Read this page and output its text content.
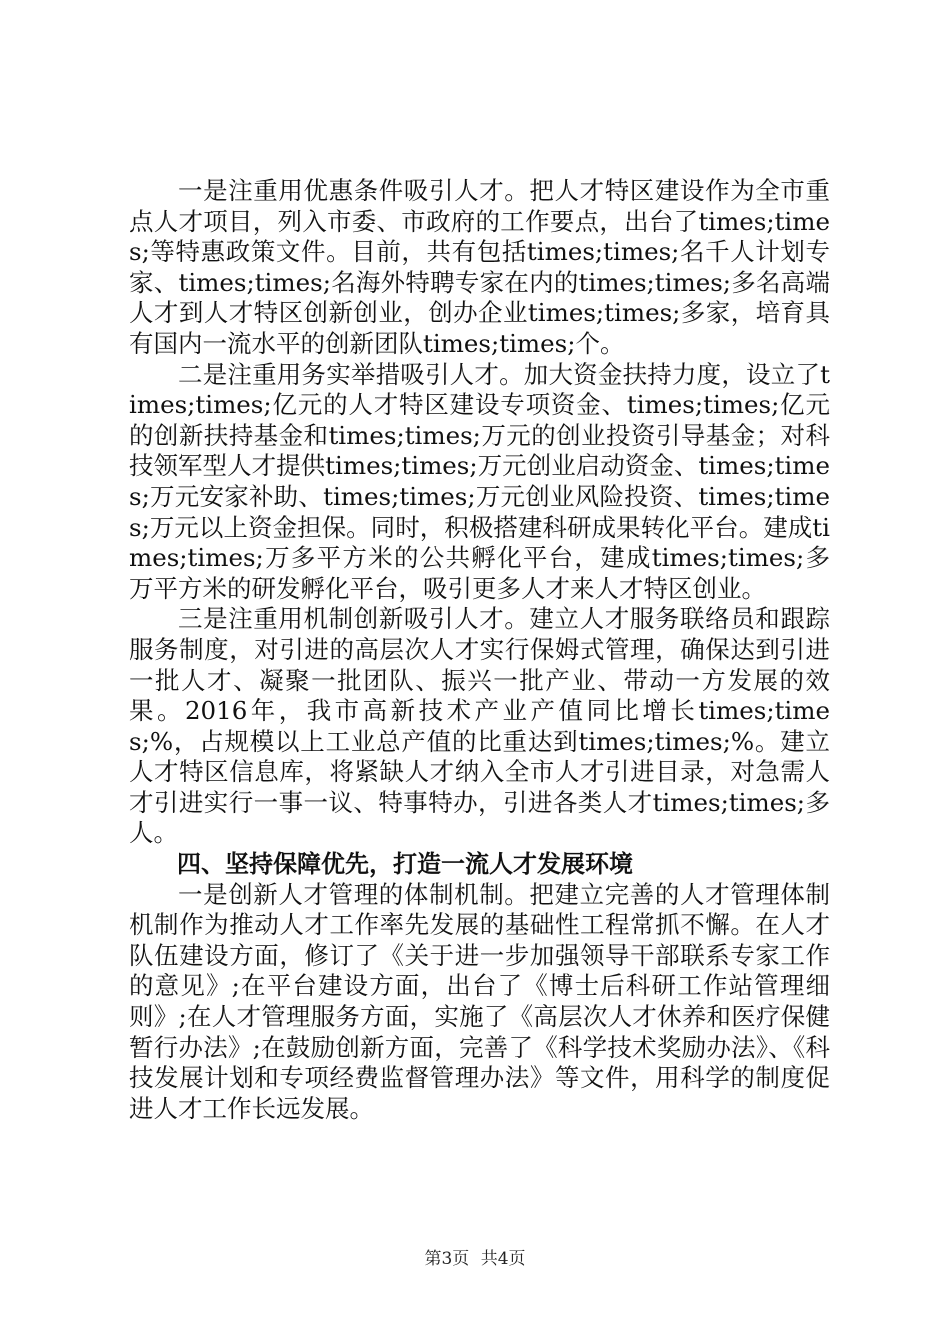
一是注重用优惠条件吸引人才。把人才特区建设作为全市重点人才项目，列入市委、市政府的工作要点，出台了times;times;等特惠政策文件。目前，共有包括times;times;名千人计划专家、times;times;名海外特聘专家在内的times;times;多名高端人才到人才特区创新创业，创办企业times;times;多家，培育具有国内一流水平的创新团队times;times;个。

二是注重用务实举措吸引人才。加大资金扶持力度，设立了times;times;亿元的人才特区建设专项资金、times;times;亿元的创新扶持基金和times;times;万元的创业投资引导基金；对科技领军型人才提供times;times;万元创业启动资金、times;times;万元安家补助、times;times;万元创业风险投资、times;times;万元以上资金担保。同时，积极搭建科研成果转化平台。建成times;times;万多平方米的公共孵化平台，建成times;times;多万平方米的研发孵化平台，吸引更多人才来人才特区创业。

三是注重用机制创新吸引人才。建立人才服务联络员和跟踪服务制度，对引进的高层次人才实行保姆式管理，确保达到引进一批人才、凝聚一批团队、振兴一批产业、带动一方发展的效果。2016年，我市高新技术产业产值同比增长times;times;%，占规模以上工业总产值的比重达到times;times;%。建立人才特区信息库，将紧缺人才纳入全市人才引进目录，对急需人才引进实行一事一议、特事特办，引进各类人才times;times;多人。

四、坚持保障优先，打造一流人才发展环境

一是创新人才管理的体制机制。把建立完善的人才管理体制机制作为推动人才工作率先发展的基础性工程常抓不懈。在人才队伍建设方面，修订了《关于进一步加强领导干部联系专家工作的意见》;在平台建设方面，出台了《博士后科研工作站管理细则》;在人才管理服务方面，实施了《高层次人才休养和医疗保健暂行办法》;在鼓励创新方面，完善了《科学技术奖励办法》、《科技发展计划和专项经费监督管理办法》等文件，用科学的制度促进人才工作长远发展。

第3页 共4页
